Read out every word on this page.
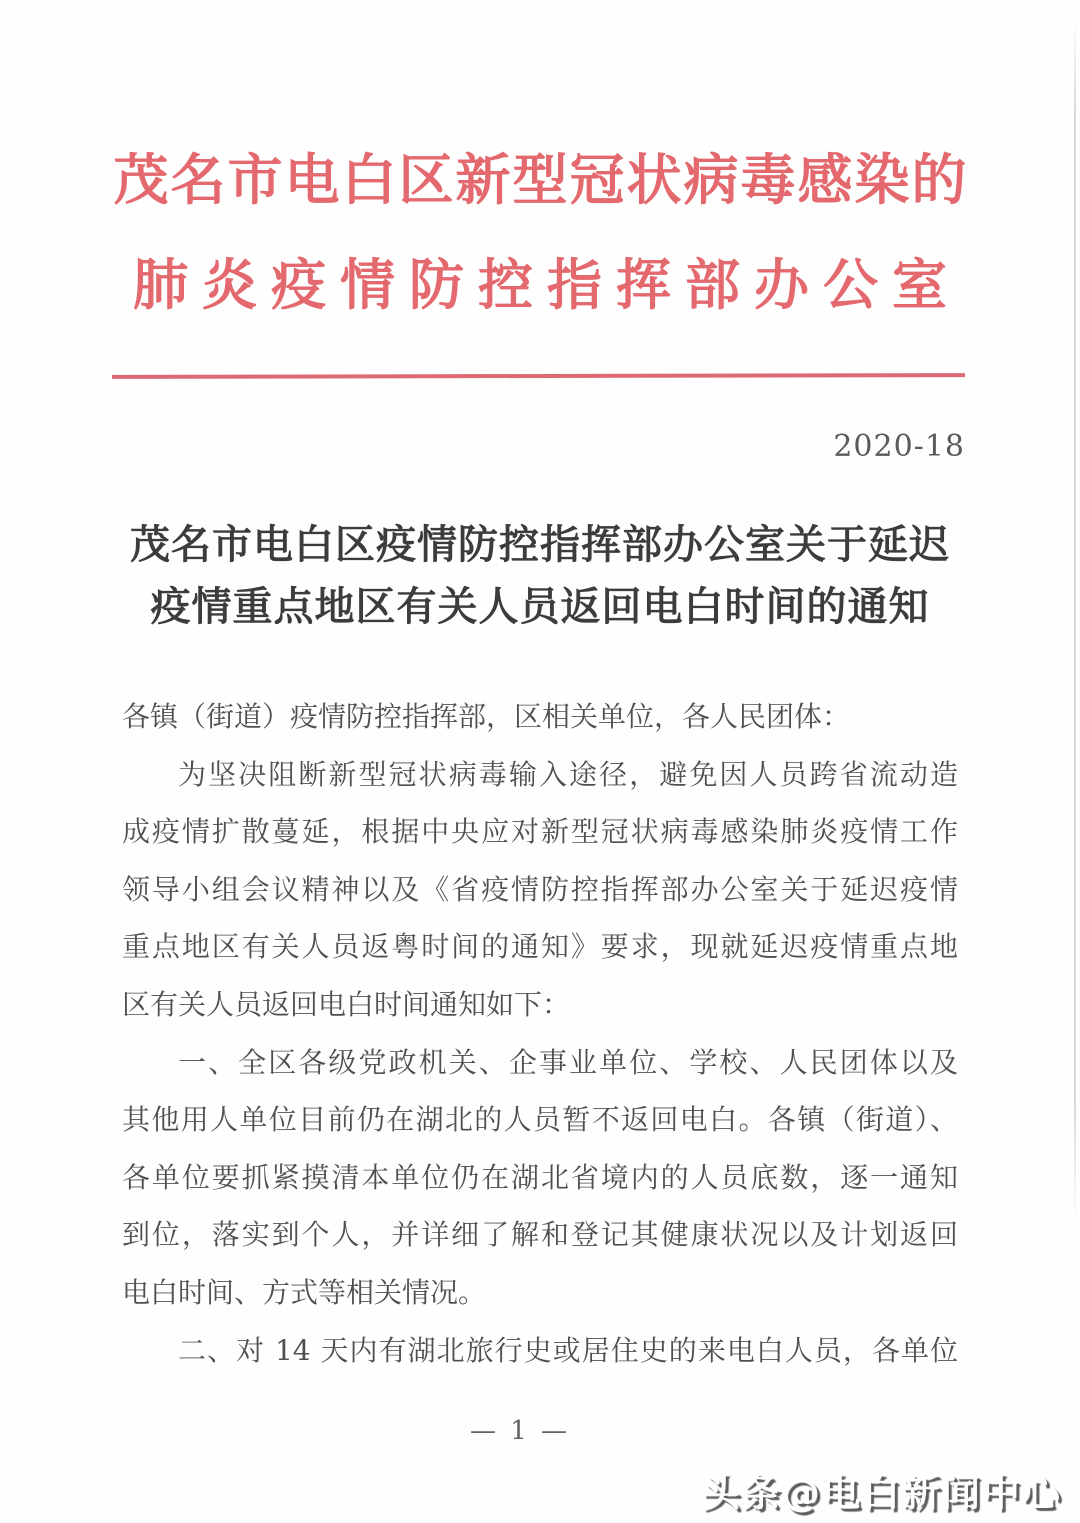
茂名市电白区新型冠状病毒感染的
肺炎疫情防控指挥部办公室
2020-18
茂名市电白区疫情防控指挥部办公室关于延迟
疫情重点地区有关人员返回电白时间的通知
各镇（街道）疫情防控指挥部，区相关单位，各人民团体：
为坚决阻断新型冠状病毒输入途径，避免因人员跨省流动造
成疫情扩散蔓延，根据中央应对新型冠状病毒感染肺炎疫情工作
领导小组会议精神以及《省疫情防控指挥部办公室关于延迟疫情
重点地区有关人员返粤时间的通知》要求，现就延迟疫情重点地
区有关人员返回电白时间通知如下：
一、全区各级党政机关、企事业单位、学校、人民团体以及
其他用人单位目前仍在湖北的人员暂不返回电白。各镇（街道）、
各单位要抓紧摸清本单位仍在湖北省境内的人员底数，逐一通知
到位，落实到个人，并详细了解和登记其健康状况以及计划返回
电白时间、方式等相关情况。
二、对 14 天内有湖北旅行史或居住史的来电白人员，各单位
— 1 —
头条@电白新闻中心
